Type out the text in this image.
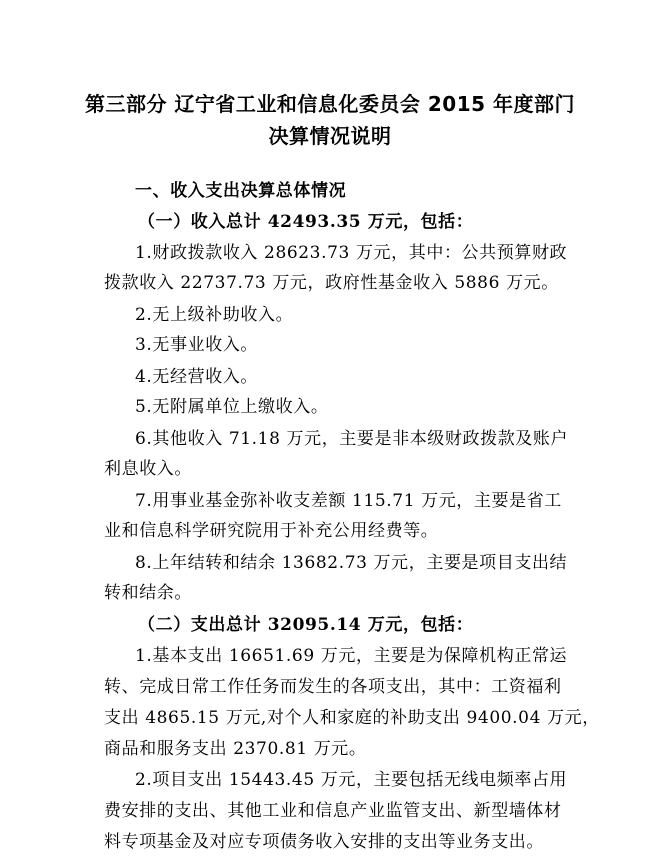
第三部分 辽宁省工业和信息化委员会 2015 年度部门
决算情况说明
一、收入支出决算总体情况
（一）收入总计 42493.35 万元，包括：
1.财政拨款收入 28623.73 万元，其中：公共预算财政
拨款收入 22737.73 万元，政府性基金收入 5886 万元。
2.无上级补助收入。
3.无事业收入。
4.无经营收入。
5.无附属单位上缴收入。
6.其他收入 71.18 万元，主要是非本级财政拨款及账户
利息收入。
7.用事业基金弥补收支差额 115.71 万元，主要是省工
业和信息科学研究院用于补充公用经费等。
8.上年结转和结余 13682.73 万元，主要是项目支出结
转和结余。
（二）支出总计 32095.14 万元，包括：
1.基本支出 16651.69 万元，主要是为保障机构正常运
转、完成日常工作任务而发生的各项支出，其中：工资福利
支出 4865.15 万元,对个人和家庭的补助支出 9400.04 万元，
商品和服务支出 2370.81 万元。
2.项目支出 15443.45 万元，主要包括无线电频率占用
费安排的支出、其他工业和信息产业监管支出、新型墙体材
料专项基金及对应专项债务收入安排的支出等业务支出。
